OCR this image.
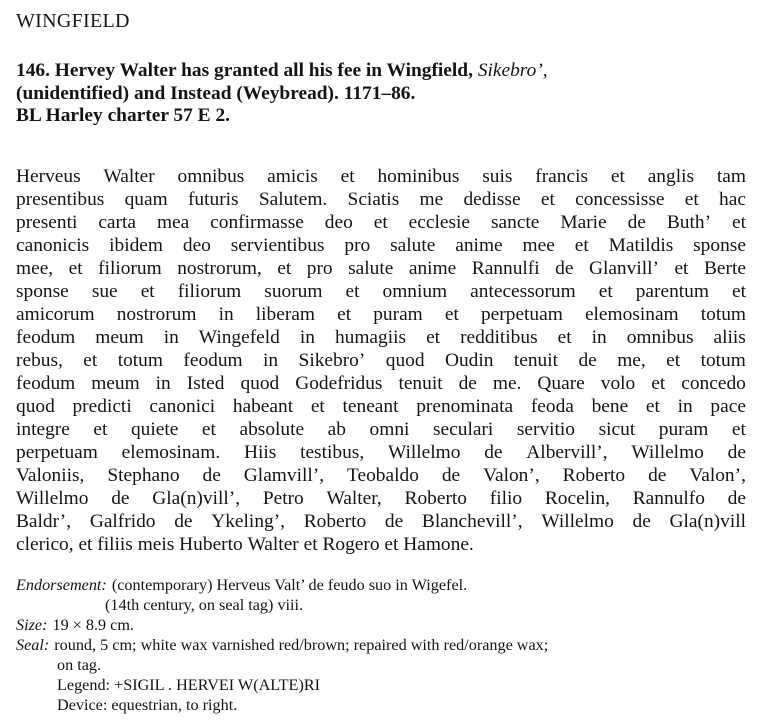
WINGFIELD
146. Hervey Walter has granted all his fee in Wingfield, Sikebro’,
(unidentified) and Instead (Weybread). 1171–86.
BL Harley charter 57 E 2.
Herveus Walter omnibus amicis et hominibus suis francis et anglis tam
presentibus quam futuris Salutem. Sciatis me dedisse et concessisse et hac
presenti carta mea confirmasse deo et ecclesie sancte Marie de Buth’ et
canonicis ibidem deo servientibus pro salute anime mee et Matildis sponse
mee, et filiorum nostrorum, et pro salute anime Rannulfi de Glanvill’ et Berte
sponse sue et filiorum suorum et omnium antecessorum et parentum et
amicorum nostrorum in liberam et puram et perpetuam elemosinam totum
feodum meum in Wingefeld in humagiis et redditibus et in omnibus aliis
rebus, et totum feodum in Sikebro’ quod Oudin tenuit de me, et totum
feodum meum in Isted quod Godefridus tenuit de me. Quare volo et concedo
quod predicti canonici habeant et teneant prenominata feoda bene et in pace
integre et quiete et absolute ab omni seculari servitio sicut puram et
perpetuam elemosinam. Hiis testibus, Willelmo de Albervill’, Willelmo de
Valoniis, Stephano de Glamvill’, Teobaldo de Valon’, Roberto de Valon’,
Willelmo de Gla(n)vill’, Petro Walter, Roberto filio Rocelin, Rannulfo de
Baldr’, Galfrido de Ykeling’, Roberto de Blanchevill’, Willelmo de Gla(n)vill
clerico, et filiis meis Huberto Walter et Rogero et Hamone.
Endorsement: (contemporary) Herveus Valt’ de feudo suo in Wigefel.
(14th century, on seal tag) viii.
Size: 19 × 8.9 cm.
Seal: round, 5 cm; white wax varnished red/brown; repaired with red/orange wax;
on tag.
Legend: +SIGIL . HERVEI W(ALTE)RI
Device: equestrian, to right.
